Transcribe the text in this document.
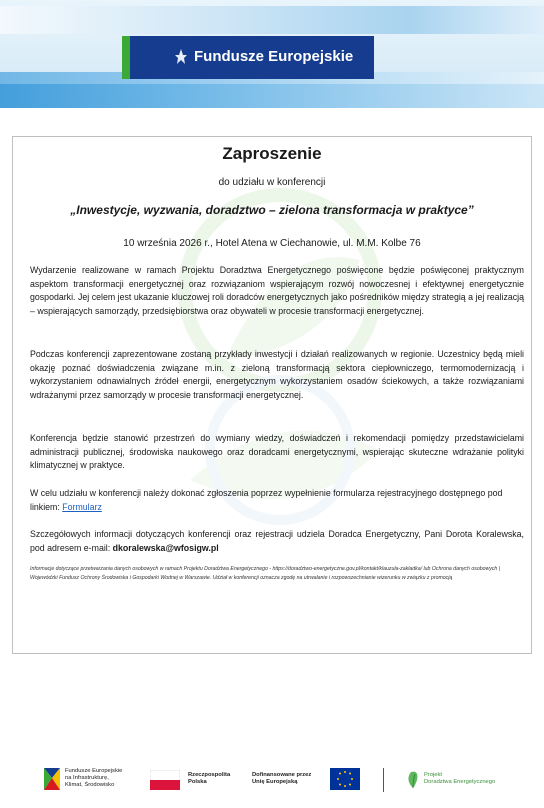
Fundusze Europejskie
Zaproszenie
do udziału w konferencji
„Inwestycje, wyzwania, doradztwo – zielona transformacja w praktyce”
10 września 2026 r., Hotel Atena w Ciechanowie, ul. M.M. Kolbe 76
Wydarzenie realizowane w ramach Projektu Doradztwa Energetycznego poświęcone będzie poświęconej praktycznym aspektom transformacji energetycznej oraz rozwiązaniom wspierającym rozwój nowoczesnej i efektywnej energetycznie gospodarki. Jej celem jest ukazanie kluczowej roli doradców energetycznych jako pośredników między strategią a jej realizacją – wspierających samorządy, przedsiębiorstwa oraz obywateli w procesie transformacji energetycznej.
Podczas konferencji zaprezentowane zostaną przykłady inwestycji i działań realizowanych w regionie. Uczestnicy będą mieli okazję poznać doświadczenia związane m.in. z zieloną transformacją sektora ciepłowniczego, termomodernizacją i wykorzystaniem odnawialnych źródeł energii, energetycznym wykorzystaniem osadów ściekowych, a także rozwiązaniami wdrażanymi przez samorządy w procesie transformacji energetycznej.
Konferencja będzie stanowić przestrzeń do wymiany wiedzy, doświadczeń i rekomendacji pomiędzy przedstawicielami administracji publicznej, środowiska naukowego oraz doradcami energetycznymi, wspierając skuteczne wdrażanie polityki klimatycznej w praktyce.
W celu udziału w konferencji należy dokonać zgłoszenia poprzez wypełnienie formularza rejestracyjnego dostępnego pod linkiem: Formularz
Szczegółowych informacji dotyczących konferencji oraz rejestracji udziela Doradca Energetyczny, Pani Dorota Koralewska, pod adresem e-mail: dkoralewska@wfosigw.pl
Informacje dotyczące przetwarzania danych osobowych w ramach Projektu Doradztwa Energetycznego - https://doradztwo-energetyczne.gov.pl/kontakt/klauzula-zakladka/ lub Ochrona danych osobowych | Wojewódzki Fundusz Ochrony Środowiska i Gospodarki Wodnej w Warszawie. Udział w konferencji oznacza zgodę na utrwalanie i rozpowszechnianie wizerunku w związku z promocją
Fundusze Europejskie
na Infrastrukturę,
Klimat, Środowisko
Rzeczpospolita
Polska
Dofinansowane przez
Unię Europejską
Projekt
Doradztwa Energetycznego
